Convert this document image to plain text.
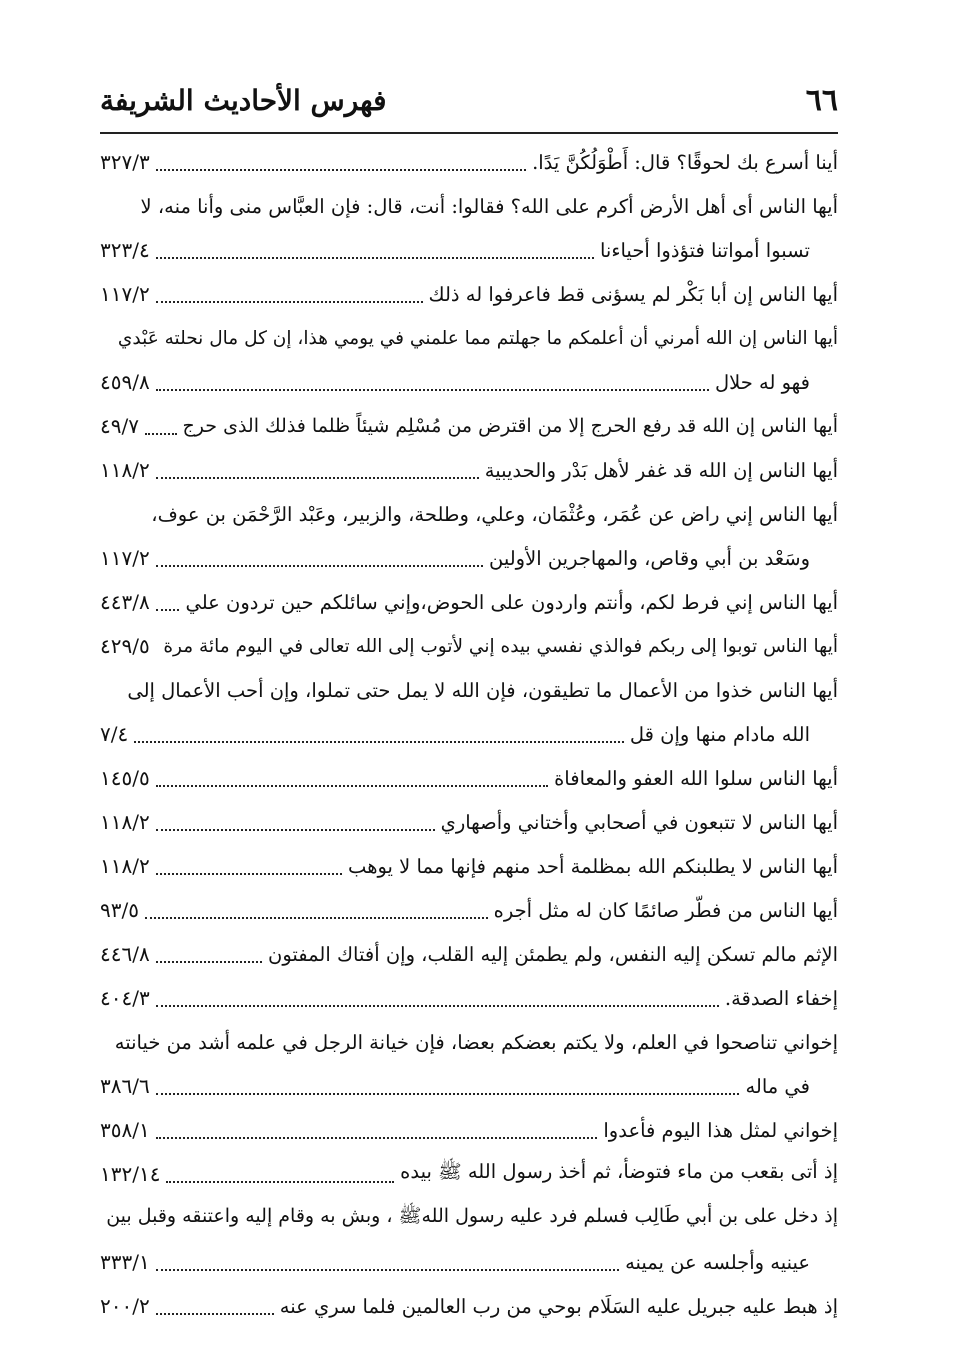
٦٦
فهرس الأحاديث الشريفة
أينا أسرع بك لحوقًا؟ قال: أَطْوَلُكُنَّ يَدًا.
٣٢٧/٣
أيها الناس أى أهل الأرض أكرم على الله؟ فقالوا: أنت، قال: فإن العبَّاس منى وأنا منه، لا
تسبوا أمواتنا فتؤذوا أحياءنا
٣٢٣/٤
أيها الناس إن أبا بَكْر لم يسؤنى قط فاعرفوا له ذلك
١١٧/٢
أيها الناس إن الله أمرني أن أعلمكم ما جهلتم مما علمني في يومي هذا، إن كل مال نحلته عَبْدي
فهو له حلال
٤٥٩/٨
أيها الناس إن الله قد رفع الحرج إلا من اقترض من مُسْلِم شيئاً ظلما فذلك الذى حرج
٤٩/٧
أيها الناس إن الله قد غفر لأهل بَدْر والحديبية
١١٨/٢
أيها الناس إني راض عن عُمَر، وعُثْمَان، وعلي، وطلحة، والزبير، وعَبْد الرَّحْمَن بن عوف،
وسَعْد بن أبي وقاص، والمهاجرين الأولين
١١٧/٢
أيها الناس إني فرط لكم، وأنتم واردون على الحوض،وإني سائلكم حين تردون علي
٤٤٣/٨
أيها الناس توبوا إلى ربكم فوالذي نفسي بيده إني لأتوب إلى الله تعالى في اليوم مائة مرة
٤٢٩/٥
أيها الناس خذوا من الأعمال ما تطيقون، فإن الله لا يمل حتى تملوا، وإن أحب الأعمال إلى
الله مادام منها وإن قل
٧/٤
أيها الناس سلوا الله العفو والمعافاة
١٤٥/٥
أيها الناس لا تتبعون في أصحابي وأختاني وأصهاري
١١٨/٢
أيها الناس لا يطلبنكم الله بمظلمة أحد منهم فإنها مما لا يوهب
١١٨/٢
أيها الناس من فطّر صائمًا كان له مثل أجره
٩٣/٥
الإثم مالم تسكن إليه النفس، ولم يطمئن إليه القلب، وإن أفتاك المفتون
٤٤٦/٨
إخفاء الصدقة.
٤٠٤/٣
إخواني تناصحوا في العلم، ولا يكتم بعضكم بعضا، فإن خيانة الرجل في علمه أشد من خيانته
في ماله
٣٨٦/٦
إخواني لمثل هذا اليوم فأعدوا
٣٥٨/١
إذ أتى بقعب من ماء فتوضأ، ثم أخذ رسول الله ﷺ بيده
١٣٢/١٤
إذ دخل على بن أبي طَالِب فسلم فرد عليه رسول اللهﷺ ، وبش به وقام إليه واعتنقه وقبل بين
عينيه وأجلسه عن يمينه
٣٣٣/١
إذ هبط عليه جبريل عليه السَلَام بوحي من رب العالمين فلما سري عنه
٢٠٠/٢
